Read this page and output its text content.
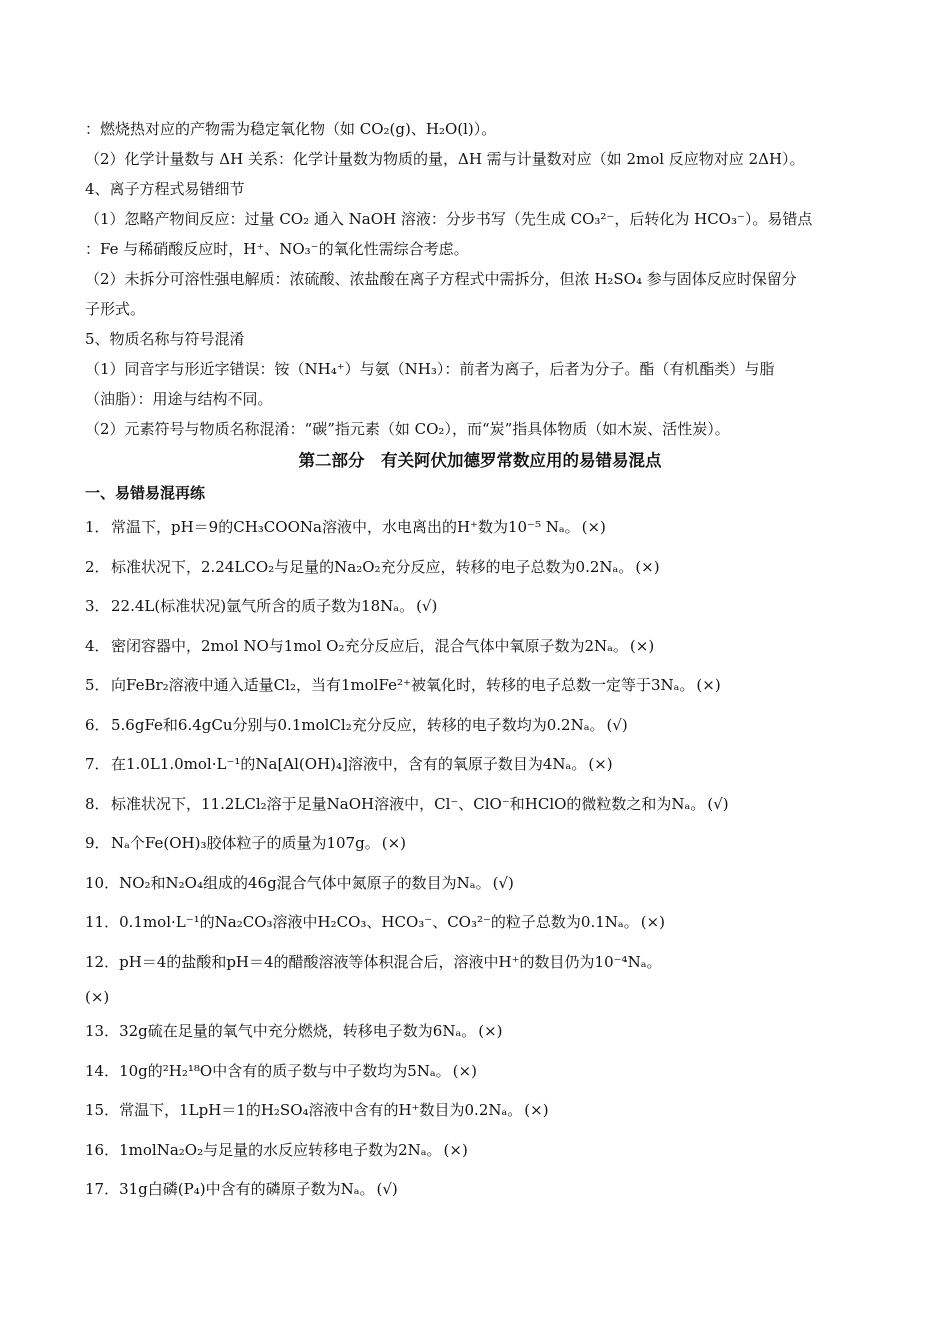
：燃烧热对应的产物需为稳定氧化物（如 CO₂(g)、H₂O(l)）。
（2）化学计量数与 ΔH 关系：化学计量数为物质的量，ΔH 需与计量数对应（如 2mol 反应物对应 2ΔH）。
4、离子方程式易错细节
（1）忽略产物间反应：过量 CO₂ 通入 NaOH 溶液：分步书写（先生成 CO₃²⁻，后转化为 HCO₃⁻）。易错点
：Fe 与稀硝酸反应时，H⁺、NO₃⁻的氧化性需综合考虑。
（2）未拆分可溶性强电解质：浓硫酸、浓盐酸在离子方程式中需拆分，但浓 H₂SO₄ 参与固体反应时保留分
子形式。
5、物质名称与符号混淆
（1）同音字与形近字错误：铵（NH₄⁺）与氨（NH₃）：前者为离子，后者为分子。酯（有机酯类）与脂
（油脂）：用途与结构不同。
（2）元素符号与物质名称混淆：“碳”指元素（如 CO₂），而“炭”指具体物质（如木炭、活性炭）。
第二部分　有关阿伏加德罗常数应用的易错易混点
一、易错易混再练
1．常温下，pH＝9的CH₃COONa溶液中，水电离出的H⁺数为10⁻⁵ Nₐ。 (×)
2．标准状况下，2.24LCO₂与足量的Na₂O₂充分反应，转移的电子总数为0.2Nₐ。 (×)
3．22.4L(标准状况)氩气所含的质子数为18Nₐ。 (√)
4．密闭容器中，2mol NO与1mol O₂充分反应后，混合气体中氧原子数为2Nₐ。 (×)
5．向FeBr₂溶液中通入适量Cl₂，当有1molFe²⁺被氧化时，转移的电子总数一定等于3Nₐ。 (×)
6．5.6gFe和6.4gCu分别与0.1molCl₂充分反应，转移的电子数均为0.2Nₐ。 (√)
7．在1.0L1.0mol·L⁻¹的Na[Al(OH)₄]溶液中，含有的氧原子数目为4Nₐ。 (×)
8．标准状况下，11.2LCl₂溶于足量NaOH溶液中，Cl⁻、ClO⁻和HClO的微粒数之和为Nₐ。 (√)
9．Nₐ个Fe(OH)₃胶体粒子的质量为107g。 (×)
10．NO₂和N₂O₄组成的46g混合气体中氮原子的数目为Nₐ。 (√)
11．0.1mol·L⁻¹的Na₂CO₃溶液中H₂CO₃、HCO₃⁻、CO₃²⁻的粒子总数为0.1Nₐ。 (×)
12．pH＝4的盐酸和pH＝4的醋酸溶液等体积混合后，溶液中H⁺的数目仍为10⁻⁴Nₐ。
(×)
13．32g硫在足量的氧气中充分燃烧，转移电子数为6Nₐ。 (×)
14．10g的²H₂¹⁸O中含有的质子数与中子数均为5Nₐ。 (×)
15．常温下，1LpH＝1的H₂SO₄溶液中含有的H⁺数目为0.2Nₐ。 (×)
16．1molNa₂O₂与足量的水反应转移电子数为2Nₐ。 (×)
17．31g白磷(P₄)中含有的磷原子数为Nₐ。 (√)
